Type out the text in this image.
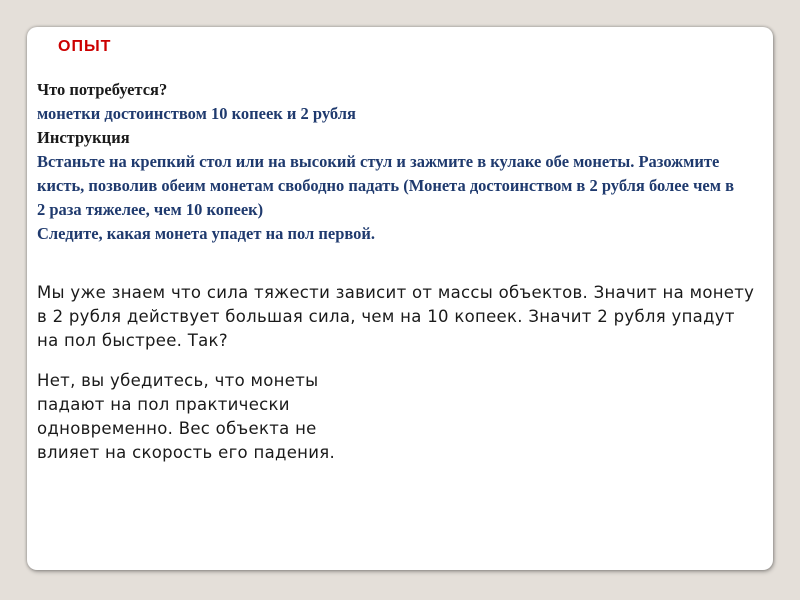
ОПЫТ

Что потребуется?

монетки достоинством 10 копеек и 2 рубля

Инструкция

Встаньте на крепкий стол или на высокий стул и зажмите в кулаке обе монеты. Разожмите кисть, позволив обеим монетам свободно падать (Монета достоинством в 2 рубля более чем в 2 раза тяжелее, чем 10 копеек)

Следите, какая монета упадет на пол первой.

Мы уже знаем что сила тяжести зависит от массы объектов. Значит на монету в 2 рубля действует большая сила, чем на 10 копеек. Значит 2 рубля упадут на пол быстрее. Так?

Нет, вы убедитесь, что монеты падают на пол практически одновременно. Вес объекта не влияет на скорость его падения.
